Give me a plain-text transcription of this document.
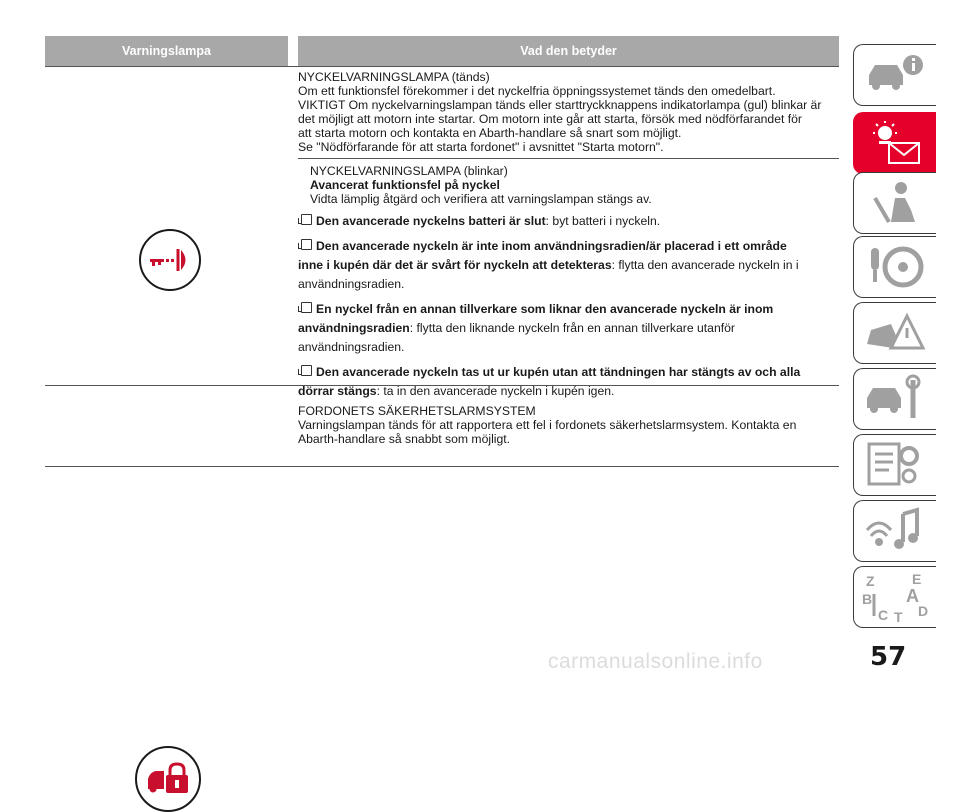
Varningslampa	Vad den betyder
NYCKELVARNINGSLAMPA (tänds)
Om ett funktionsfel förekommer i det nyckelfria öppningssystemet tänds den omedelbart.
VIKTIGT Om nyckelvarningslampan tänds eller starttryckknappens indikatorlampa (gul) blinkar är
det möjligt att motorn inte startar. Om motorn inte går att starta, försök med nödförfarandet för
att starta motorn och kontakta en Abarth-handlare så snart som möjligt.
Se "Nödförfarande för att starta fordonet" i avsnittet "Starta motorn".
NYCKELVARNINGSLAMPA (blinkar)
Avancerat funktionsfel på nyckel
Vidta lämplig åtgärd och verifiera att varningslampan stängs av.
Den avancerade nyckelns batteri är slut: byt batteri i nyckeln.
Den avancerade nyckeln är inte inom användningsradien/är placerad i ett område
inne i kupén där det är svårt för nyckeln att detekteras: flytta den avancerade nyckeln in i
användningsradien.
En nyckel från en annan tillverkare som liknar den avancerade nyckeln är inom
användningsradien: flytta den liknande nyckeln från en annan tillverkare utanför
användningsradien.
Den avancerade nyckeln tas ut ur kupén utan att tändningen har stängts av och alla
dörrar stängs: ta in den avancerade nyckeln i kupén igen.
FORDONETS SÄKERHETSLARMSYSTEM
Varningslampan tänds för att rapportera ett fel i fordonets säkerhetslarmsystem. Kontakta en
Abarth-handlare så snabbt som möjligt.
Z	E
B A
C D
T
57
carmanualsonline.info
